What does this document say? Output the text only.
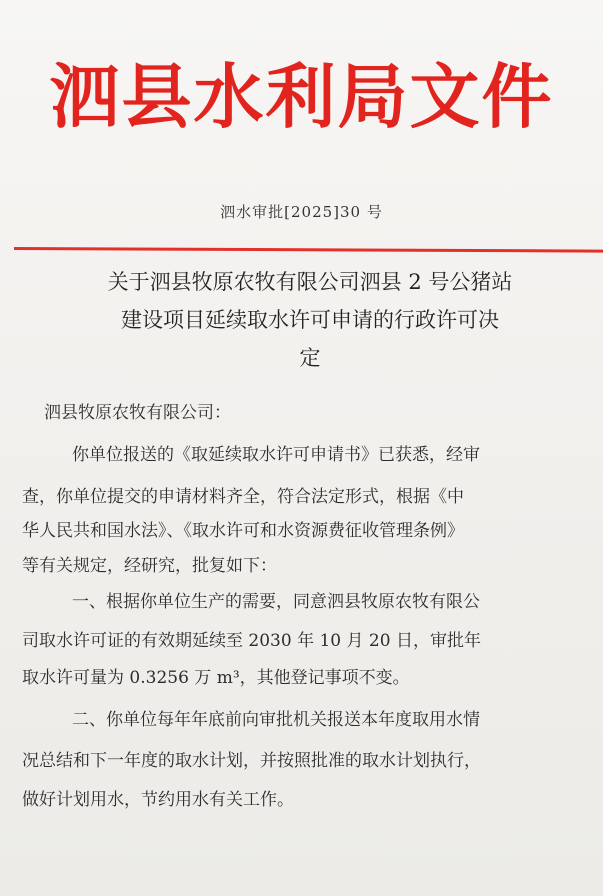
泗县水利局文件
泗水审批[2025]30 号
关于泗县牧原农牧有限公司泗县 2 号公猪站
建设项目延续取水许可申请的行政许可决
定
泗县牧原农牧有限公司：
你单位报送的《取延续取水许可申请书》已获悉，经审
查，你单位提交的申请材料齐全，符合法定形式，根据《中
华人民共和国水法》、《取水许可和水资源费征收管理条例》
等有关规定，经研究，批复如下：
一、根据你单位生产的需要，同意泗县牧原农牧有限公
司取水许可证的有效期延续至 2030 年 10 月 20 日，审批年
取水许可量为 0.3256 万 m³，其他登记事项不变。
二、你单位每年年底前向审批机关报送本年度取用水情
况总结和下一年度的取水计划，并按照批准的取水计划执行，
做好计划用水，节约用水有关工作。
